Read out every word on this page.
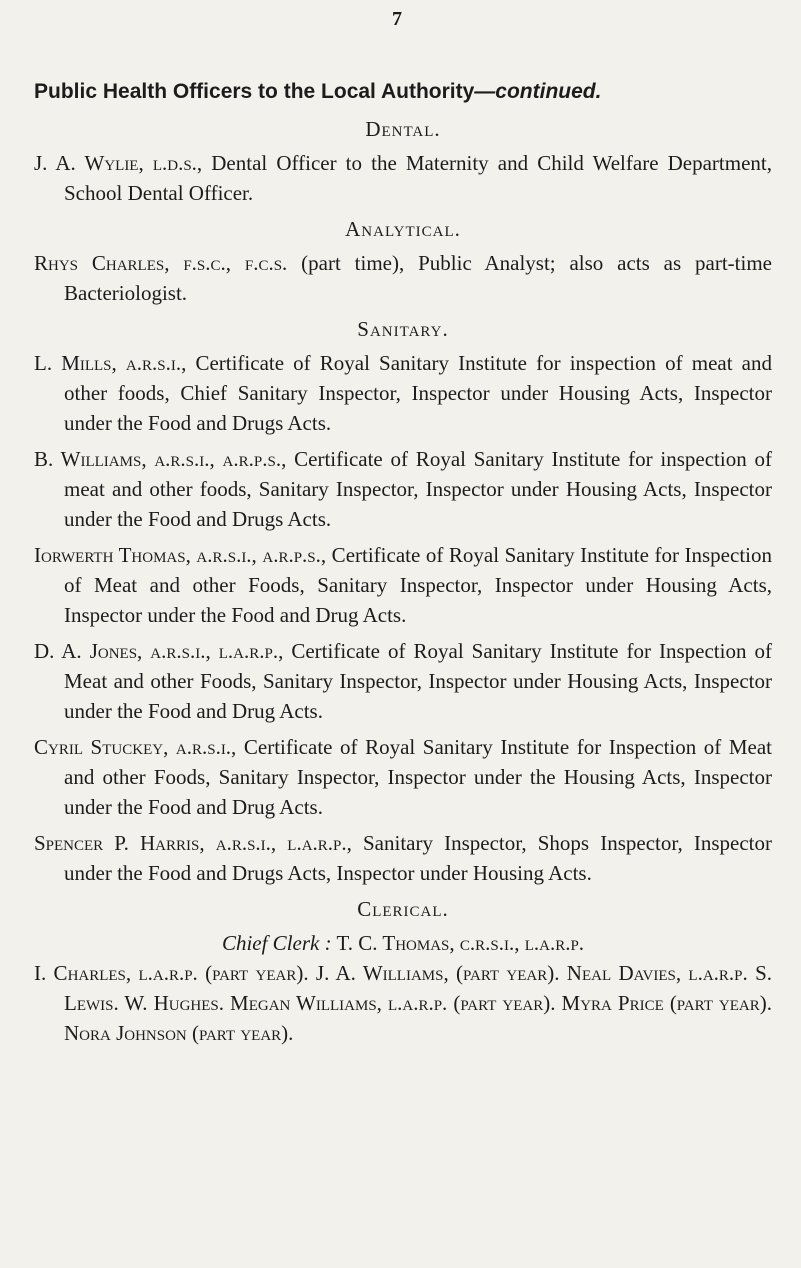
7
Public Health Officers to the Local Authority—continued.
Dental.

J. A. Wylie, l.d.s., Dental Officer to the Maternity and Child Welfare Department, School Dental Officer.

Analytical.

Rhys Charles, f.s.c., f.c.s. (part time), Public Analyst; also acts as part-time Bacteriologist.

Sanitary.

L. Mills, a.r.s.i., Certificate of Royal Sanitary Institute for inspection of meat and other foods, Chief Sanitary Inspector, Inspector under Housing Acts, Inspector under the Food and Drugs Acts.

B. Williams, a.r.s.i., a.r.p.s., Certificate of Royal Sanitary Institute for inspection of meat and other foods, Sanitary Inspector, Inspector under Housing Acts, Inspector under the Food and Drugs Acts.

Iorwerth Thomas, a.r.s.i., a.r.p.s., Certificate of Royal Sanitary Institute for Inspection of Meat and other Foods, Sanitary Inspector, Inspector under Housing Acts, Inspector under the Food and Drug Acts.

D. A. Jones, a.r.s.i., l.a.r.p., Certificate of Royal Sanitary Institute for Inspection of Meat and other Foods, Sanitary Inspector, Inspector under Housing Acts, Inspector under the Food and Drug Acts.

Cyril Stuckey, a.r.s.i., Certificate of Royal Sanitary Institute for Inspection of Meat and other Foods, Sanitary Inspector, Inspector under the Housing Acts, Inspector under the Food and Drug Acts.

Spencer P. Harris, a.r.s.i., l.a.r.p., Sanitary Inspector, Shops Inspector, Inspector under the Food and Drugs Acts, Inspector under Housing Acts.

Clerical.

Chief Clerk : T. C. Thomas, c.r.s.i., l.a.r.p.

I. Charles, l.a.r.p. (part year). J. A. Williams, (part year). Neal Davies, l.a.r.p. S. Lewis. W. Hughes. Megan Williams, l.a.r.p. (part year). Myra Price (part year). Nora Johnson (part year).
